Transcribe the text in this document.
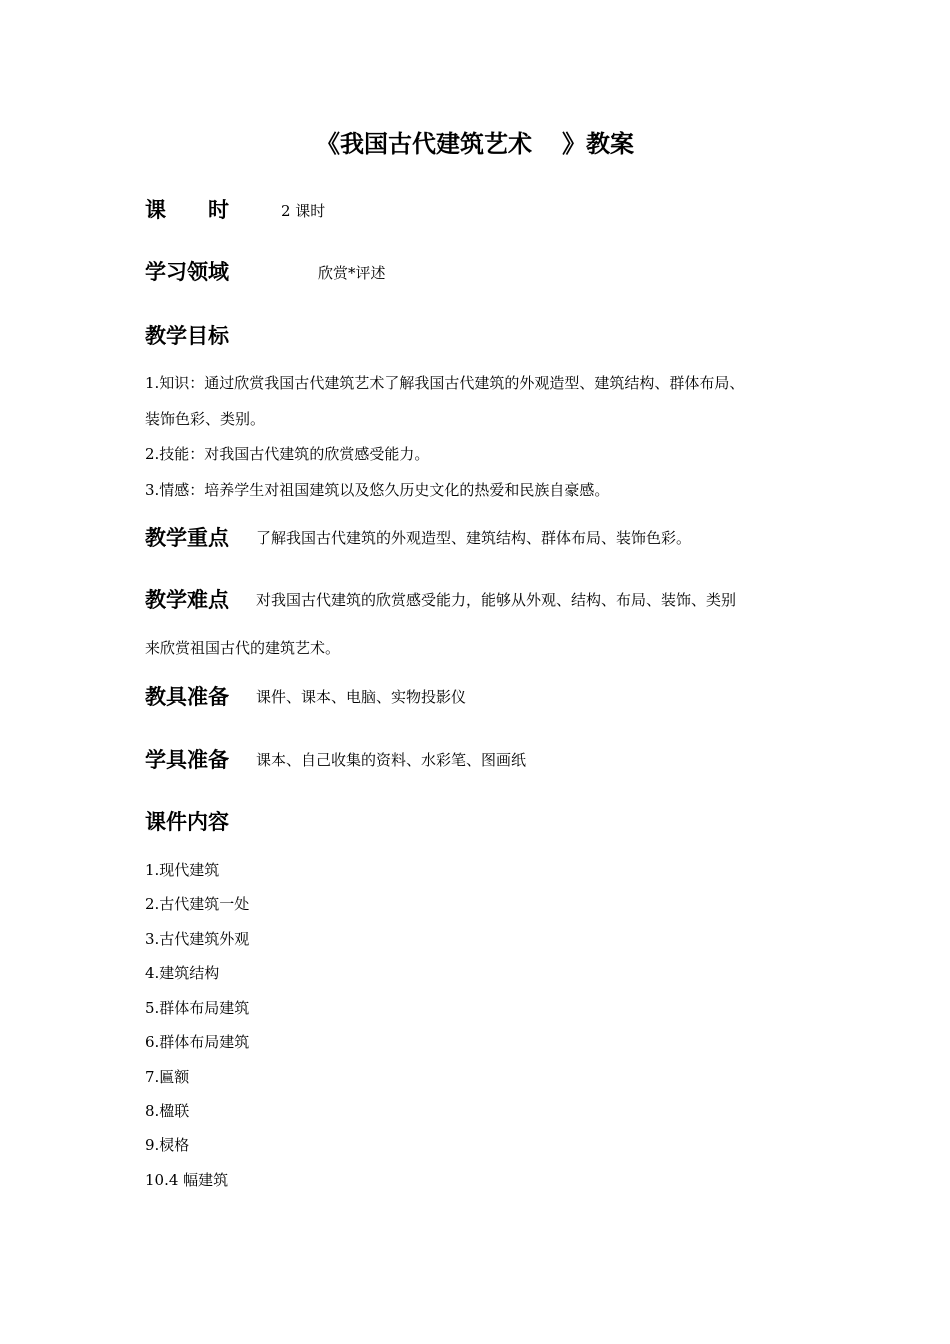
《我国古代建筑艺术 》教案
课 时	2 课时
学习领域	欣赏*评述
教学目标
1.知识：通过欣赏我国古代建筑艺术了解我国古代建筑的外观造型、建筑结构、群体布局、
装饰色彩、类别。
2.技能：对我国古代建筑的欣赏感受能力。
3.情感：培养学生对祖国建筑以及悠久历史文化的热爱和民族自豪感。
教学重点 了解我国古代建筑的外观造型、建筑结构、群体布局、装饰色彩。
教学难点 对我国古代建筑的欣赏感受能力，能够从外观、结构、布局、装饰、类别
来欣赏祖国古代的建筑艺术。
教具准备 课件、课本、电脑、实物投影仪
学具准备 课本、自己收集的资料、水彩笔、图画纸
课件内容
1.现代建筑
2.古代建筑一处
3.古代建筑外观
4.建筑结构
5.群体布局建筑
6.群体布局建筑
7.匾额
8.楹联
9.棂格
10.4 幅建筑
